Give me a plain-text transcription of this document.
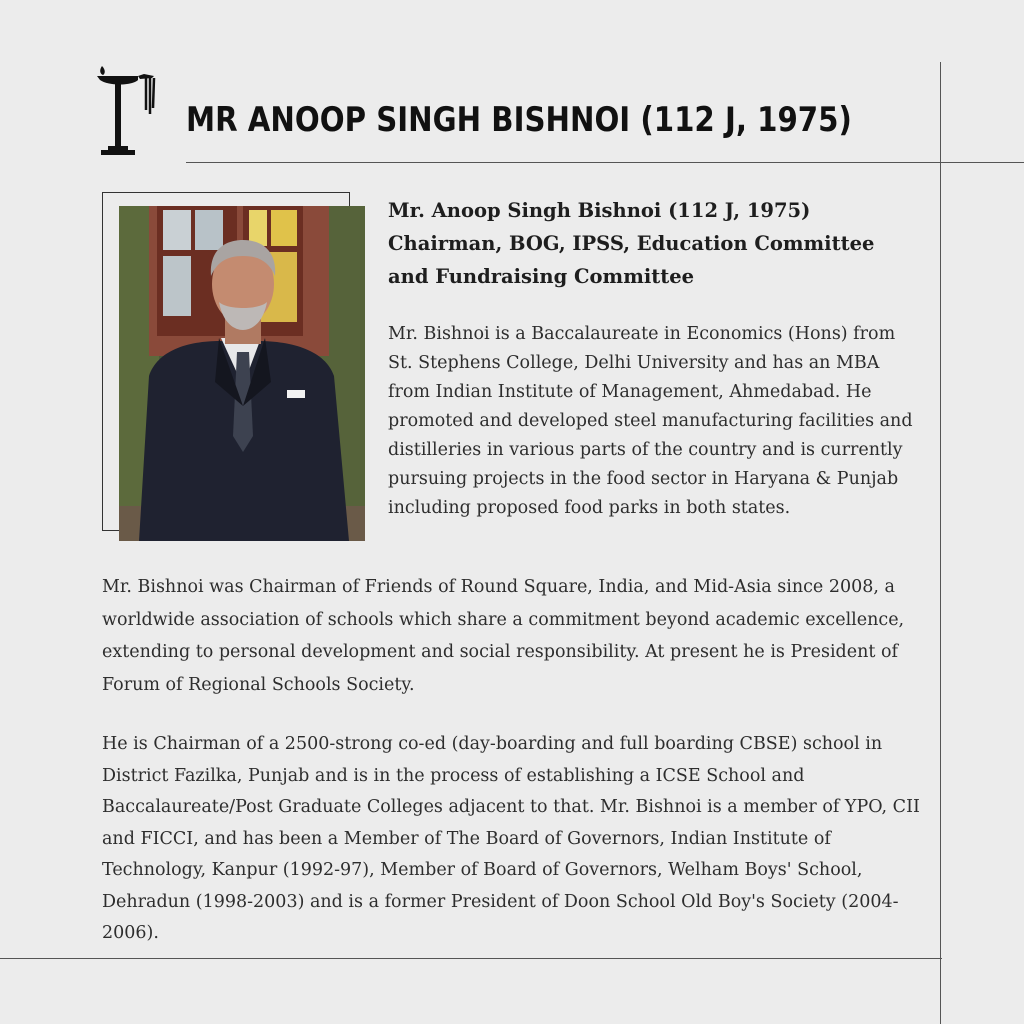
MR ANOOP SINGH BISHNOI (112 J, 1975)
Mr. Anoop Singh Bishnoi (112 J, 1975)
Chairman, BOG, IPSS, Education Committee
and Fundraising Committee

Mr. Bishnoi is a Baccalaureate in Economics (Hons) from St. Stephens College, Delhi University and has an MBA from Indian Institute of Management, Ahmedabad. He promoted and developed steel manufacturing facilities and distilleries in various parts of the country and is currently pursuing projects in the food sector in Haryana & Punjab including proposed food parks in both states.

Mr. Bishnoi was Chairman of Friends of Round Square, India, and Mid-Asia since 2008, a worldwide association of schools which share a commitment beyond academic excellence, extending to personal development and social responsibility. At present he is President of Forum of Regional Schools Society.

He is Chairman of a 2500-strong co-ed (day-boarding and full boarding CBSE) school in District Fazilka, Punjab and is in the process of establishing a ICSE School and Baccalaureate/Post Graduate Colleges adjacent to that. Mr. Bishnoi is a member of YPO, CII and FICCI, and has been a Member of The Board of Governors, Indian Institute of Technology, Kanpur (1992-97), Member of Board of Governors, Welham Boys' School, Dehradun (1998-2003) and is a former President of Doon School Old Boy's Society (2004-2006).
